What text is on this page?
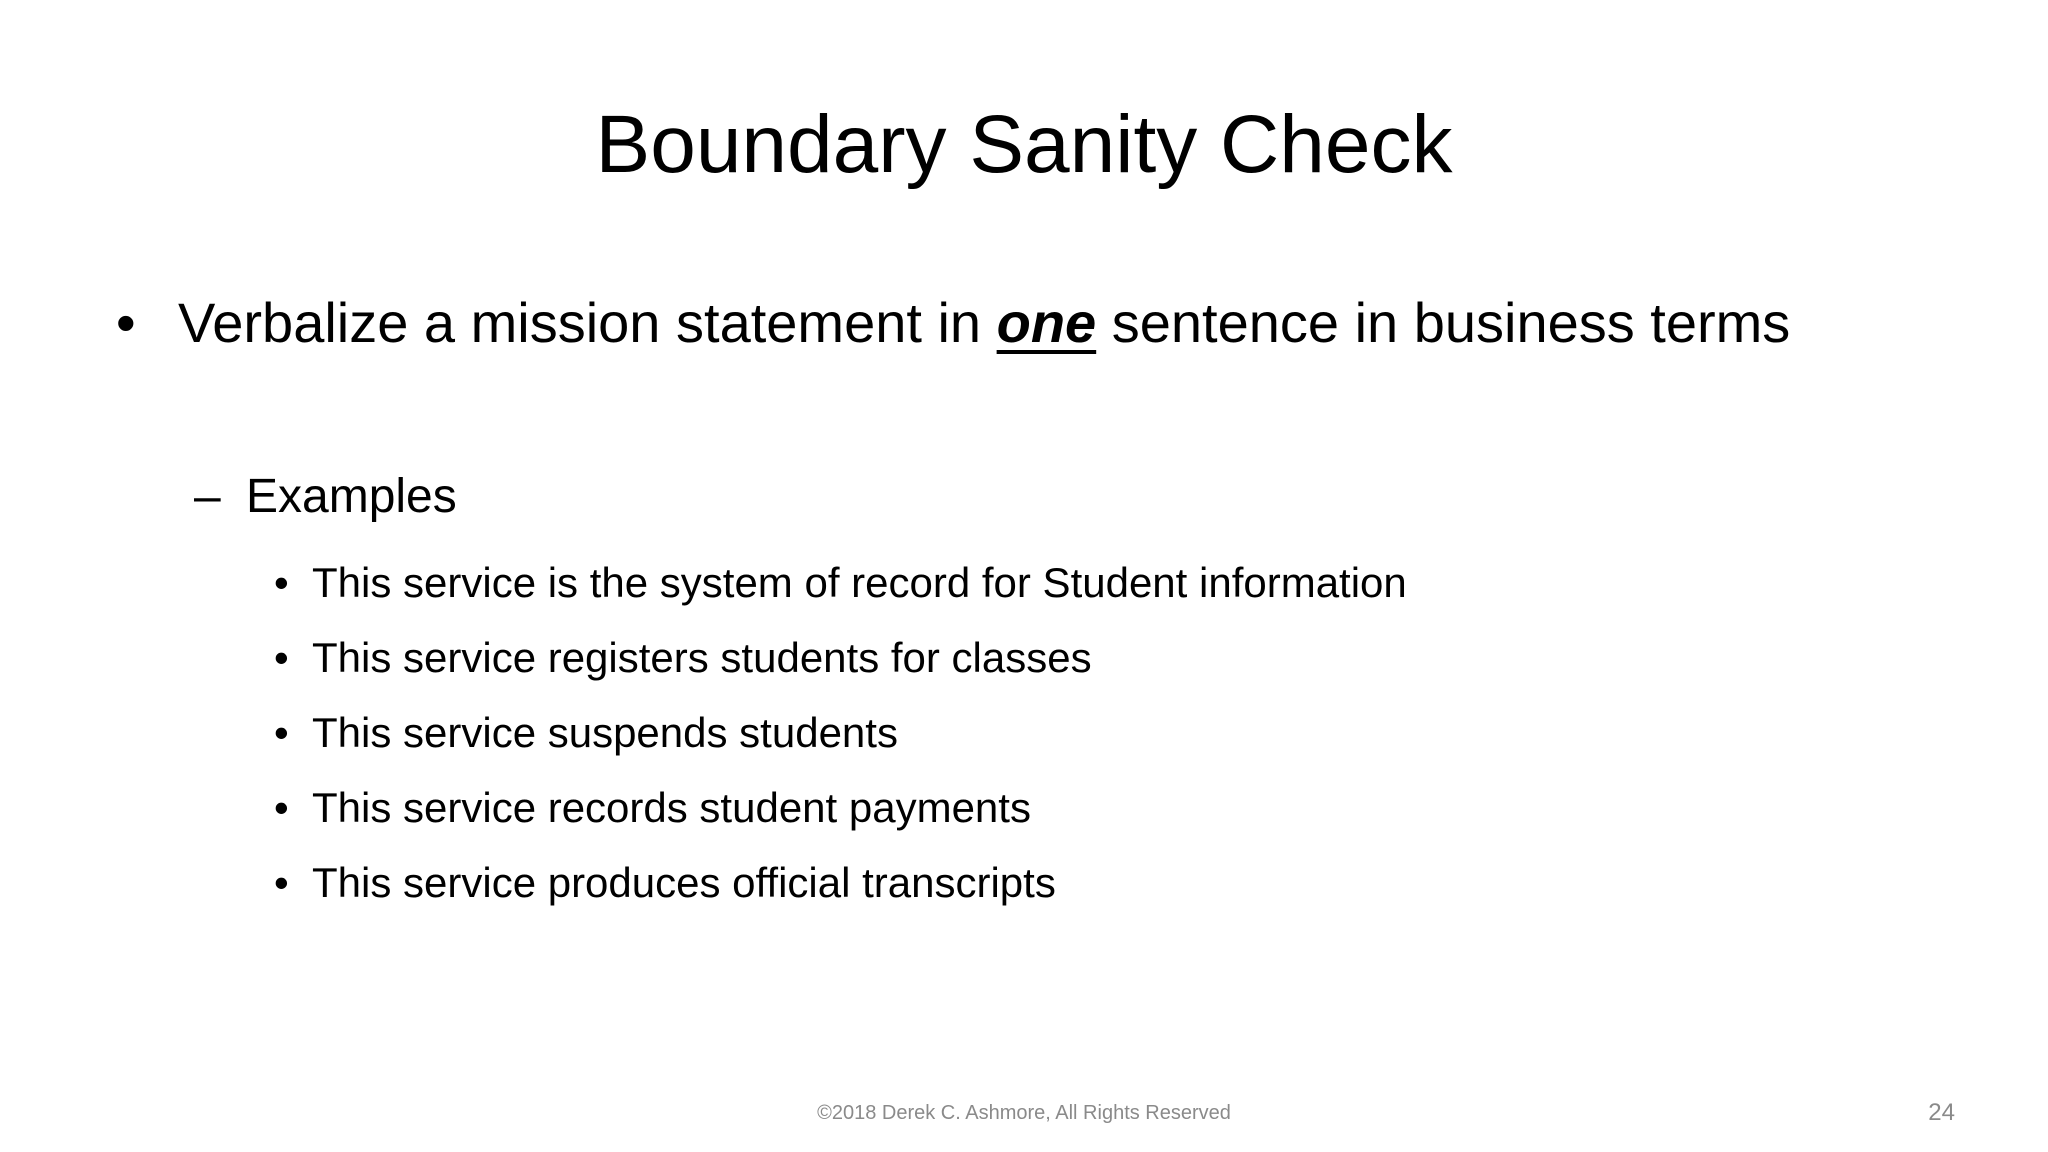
Boundary Sanity Check
• Verbalize a mission statement in one sentence in business terms
– Examples
• This service is the system of record for Student information
• This service registers students for classes
• This service suspends students
• This service records student payments
• This service produces official transcripts
©2018 Derek C. Ashmore, All Rights Reserved	24
